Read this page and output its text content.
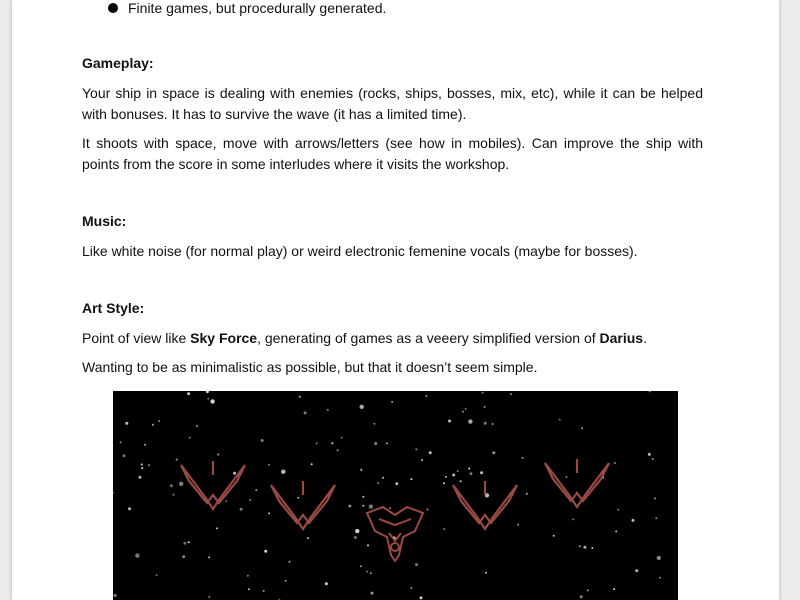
Finite games, but procedurally generated.
Gameplay:
Your ship in space is dealing with enemies (rocks, ships, bosses, mix, etc), while it can be helped with bonuses. It has to survive the wave (it has a limited time).
It shoots with space, move with arrows/letters (see how in mobiles). Can improve the ship with points from the score in some interludes where it visits the workshop.
Music:
Like white noise (for normal play) or weird electronic femenine vocals (maybe for bosses).
Art Style:
Point of view like Sky Force, generating of games as a veeery simplified version of Darius.
Wanting to be as minimalistic as possible, but that it doesn’t seem simple.
